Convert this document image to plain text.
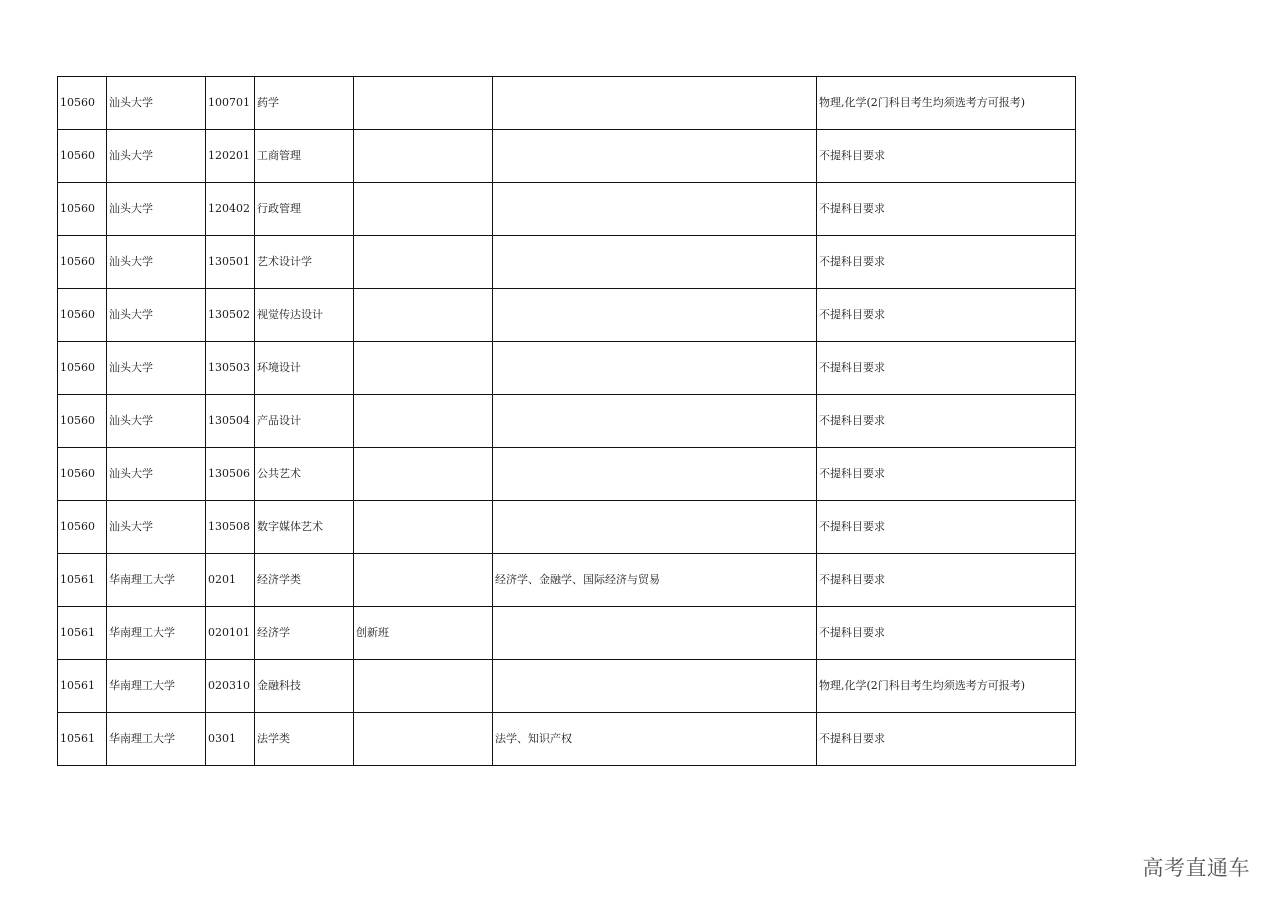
10560	汕头大学	100701	药学			物理,化学(2门科目考生均须选考方可报考)
10560	汕头大学	120201	工商管理			不提科目要求
10560	汕头大学	120402	行政管理			不提科目要求
10560	汕头大学	130501	艺术设计学			不提科目要求
10560	汕头大学	130502	视觉传达设计			不提科目要求
10560	汕头大学	130503	环境设计			不提科目要求
10560	汕头大学	130504	产品设计			不提科目要求
10560	汕头大学	130506	公共艺术			不提科目要求
10560	汕头大学	130508	数字媒体艺术			不提科目要求
10561	华南理工大学	0201	经济学类		经济学、金融学、国际经济与贸易	不提科目要求
10561	华南理工大学	020101	经济学	创新班		不提科目要求
10561	华南理工大学	020310	金融科技			物理,化学(2门科目考生均须选考方可报考)
10561	华南理工大学	0301	法学类		法学、知识产权	不提科目要求
高考直通车
